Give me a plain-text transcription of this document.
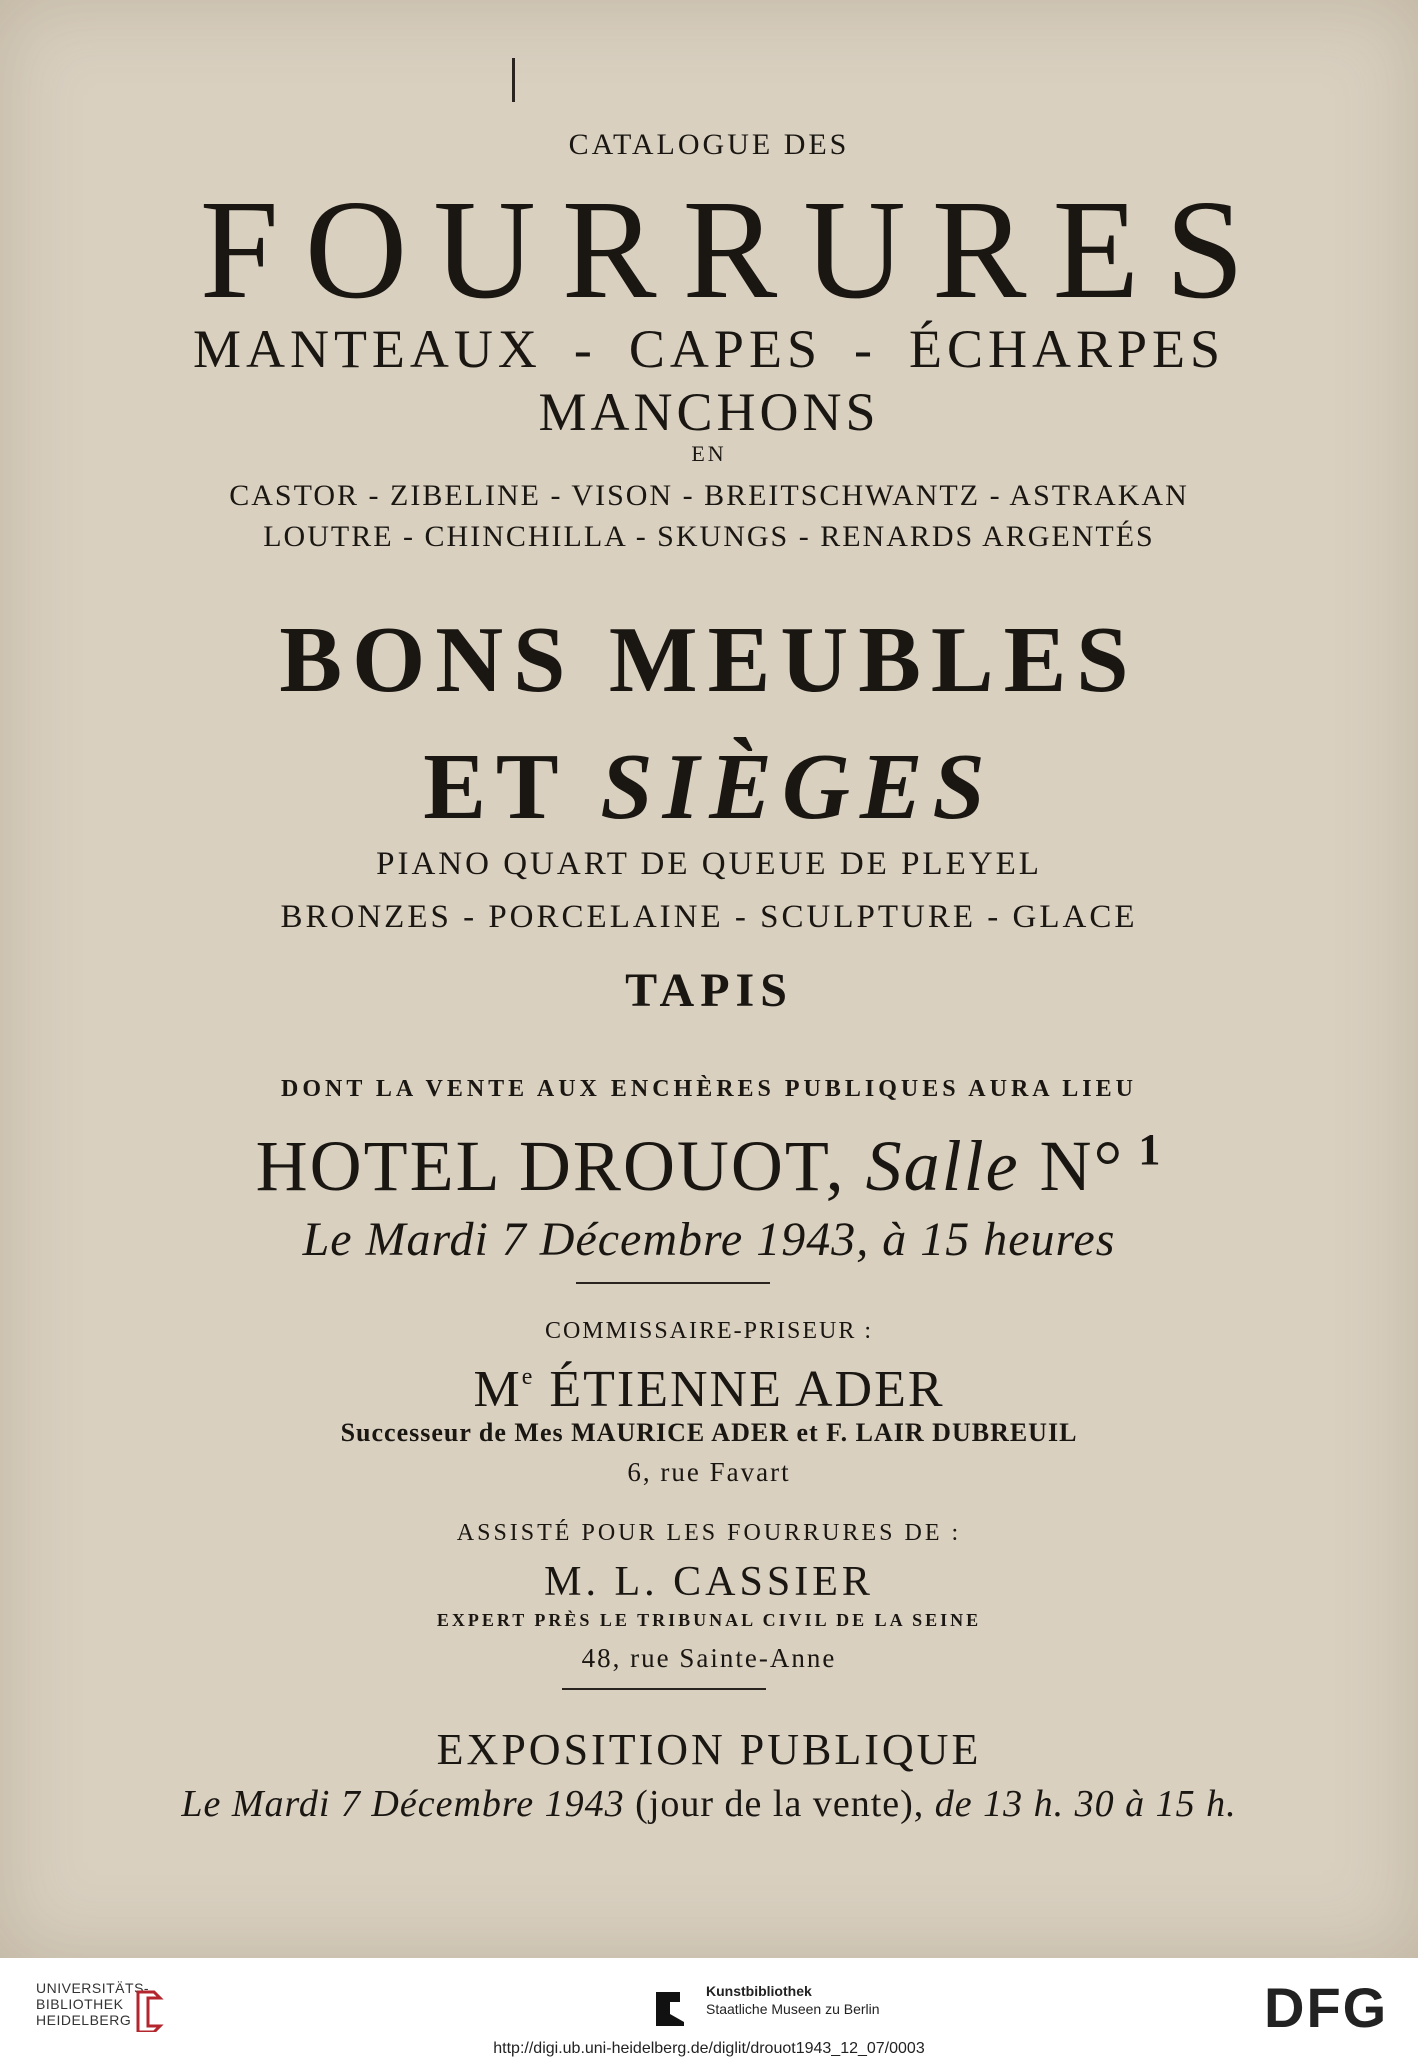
CATALOGUE DES
FOURRURES
MANTEAUX - CAPES - ÉCHARPES
MANCHONS
EN
CASTOR - ZIBELINE - VISON - BREITSCHWANTZ - ASTRAKAN
LOUTRE - CHINCHILLA - SKUNGS - RENARDS ARGENTÉS
BONS MEUBLES
ET SIÈGES
PIANO QUART DE QUEUE DE PLEYEL
BRONZES - PORCELAINE - SCULPTURE - GLACE
TAPIS
DONT LA VENTE AUX ENCHÈRES PUBLIQUES AURA LIEU
HOTEL DROUOT, Salle N° $^1$
Le Mardi 7 Décembre 1943, à 15 heures
COMMISSAIRE-PRISEUR :
Me ÉTIENNE ADER
Successeur de Mes MAURICE ADER et F. LAIR DUBREUIL
6, rue Favart
ASSISTÉ POUR LES FOURRURES DE :
M. L. CASSIER
EXPERT PRÈS LE TRIBUNAL CIVIL DE LA SEINE
48, rue Sainte-Anne
EXPOSITION PUBLIQUE
Le Mardi 7 Décembre 1943 (jour de la vente), de 13 h. 30 à 15 h.
UNIVERSITÄTS-
BIBLIOTHEK
HEIDELBERG
Kunstbibliothek
Staatliche Museen zu Berlin	DFG
http://digi.ub.uni-heidelberg.de/diglit/drouot1943_12_07/0003
